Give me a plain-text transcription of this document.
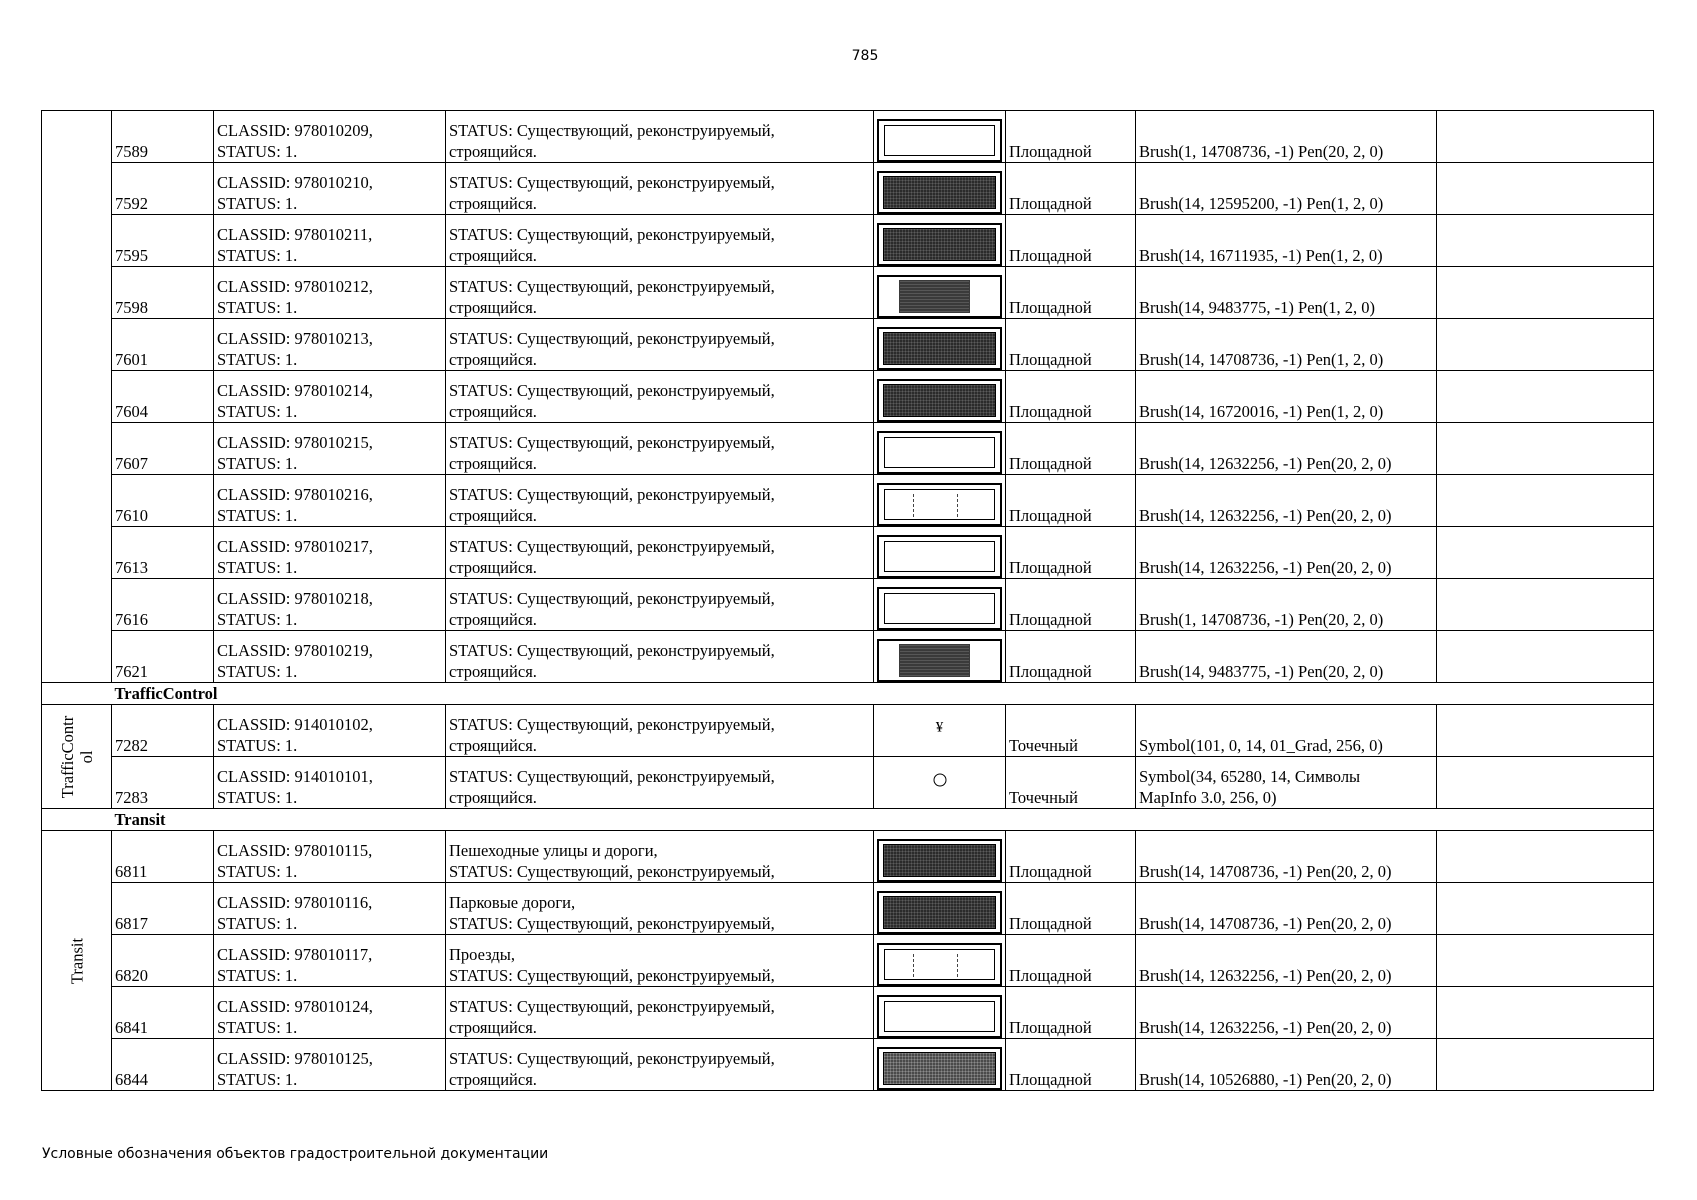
785
	7589	CLASSID: 978010209,
STATUS: 1.	STATUS: Существующий, реконструируемый,
строящийся.		Площадной	Brush(1, 14708736, -1) Pen(20, 2, 0)	
	7592	CLASSID: 978010210,
STATUS: 1.	STATUS: Существующий, реконструируемый,
строящийся.		Площадной	Brush(14, 12595200, -1) Pen(1, 2, 0)	
	7595	CLASSID: 978010211,
STATUS: 1.	STATUS: Существующий, реконструируемый,
строящийся.		Площадной	Brush(14, 16711935, -1) Pen(1, 2, 0)	
	7598	CLASSID: 978010212,
STATUS: 1.	STATUS: Существующий, реконструируемый,
строящийся.		Площадной	Brush(14, 9483775, -1) Pen(1, 2, 0)	
	7601	CLASSID: 978010213,
STATUS: 1.	STATUS: Существующий, реконструируемый,
строящийся.		Площадной	Brush(14, 14708736, -1) Pen(1, 2, 0)	
	7604	CLASSID: 978010214,
STATUS: 1.	STATUS: Существующий, реконструируемый,
строящийся.		Площадной	Brush(14, 16720016, -1) Pen(1, 2, 0)	
	7607	CLASSID: 978010215,
STATUS: 1.	STATUS: Существующий, реконструируемый,
строящийся.		Площадной	Brush(14, 12632256, -1) Pen(20, 2, 0)	
	7610	CLASSID: 978010216,
STATUS: 1.	STATUS: Существующий, реконструируемый,
строящийся.		Площадной	Brush(14, 12632256, -1) Pen(20, 2, 0)	
	7613	CLASSID: 978010217,
STATUS: 1.	STATUS: Существующий, реконструируемый,
строящийся.		Площадной	Brush(14, 12632256, -1) Pen(20, 2, 0)	
	7616	CLASSID: 978010218,
STATUS: 1.	STATUS: Существующий, реконструируемый,
строящийся.		Площадной	Brush(1, 14708736, -1) Pen(20, 2, 0)	
	7621	CLASSID: 978010219,
STATUS: 1.	STATUS: Существующий, реконструируемый,
строящийся.		Площадной	Brush(14, 9483775, -1) Pen(20, 2, 0)	
	TrafficControl						

TrafficContr
ol	7282	CLASSID: 914010102,
STATUS: 1.	STATUS: Существующий, реконструируемый,
строящийся.	¥	Точечный	Symbol(101, 0, 14, 01_Grad, 256, 0)	
	7283	CLASSID: 914010101,
STATUS: 1.	STATUS: Существующий, реконструируемый,
строящийся.		Точечный	Symbol(34, 65280, 14, Символы
MapInfo 3.0, 256, 0)	
	Transit						

Transit	6811	CLASSID: 978010115,
STATUS: 1.	Пешеходные улицы и дороги,
STATUS: Существующий, реконструируемый,		Площадной	Brush(14, 14708736, -1) Pen(20, 2, 0)	
	6817	CLASSID: 978010116,
STATUS: 1.	Парковые дороги,
STATUS: Существующий, реконструируемый,		Площадной	Brush(14, 14708736, -1) Pen(20, 2, 0)	
	6820	CLASSID: 978010117,
STATUS: 1.	Проезды,
STATUS: Существующий, реконструируемый,		Площадной	Brush(14, 12632256, -1) Pen(20, 2, 0)	
	6841	CLASSID: 978010124,
STATUS: 1.	STATUS: Существующий, реконструируемый,
строящийся.		Площадной	Brush(14, 12632256, -1) Pen(20, 2, 0)	
	6844	CLASSID: 978010125,
STATUS: 1.	STATUS: Существующий, реконструируемый,
строящийся.		Площадной	Brush(14, 10526880, -1) Pen(20, 2, 0)	
Условные обозначения объектов градостроительной документации
